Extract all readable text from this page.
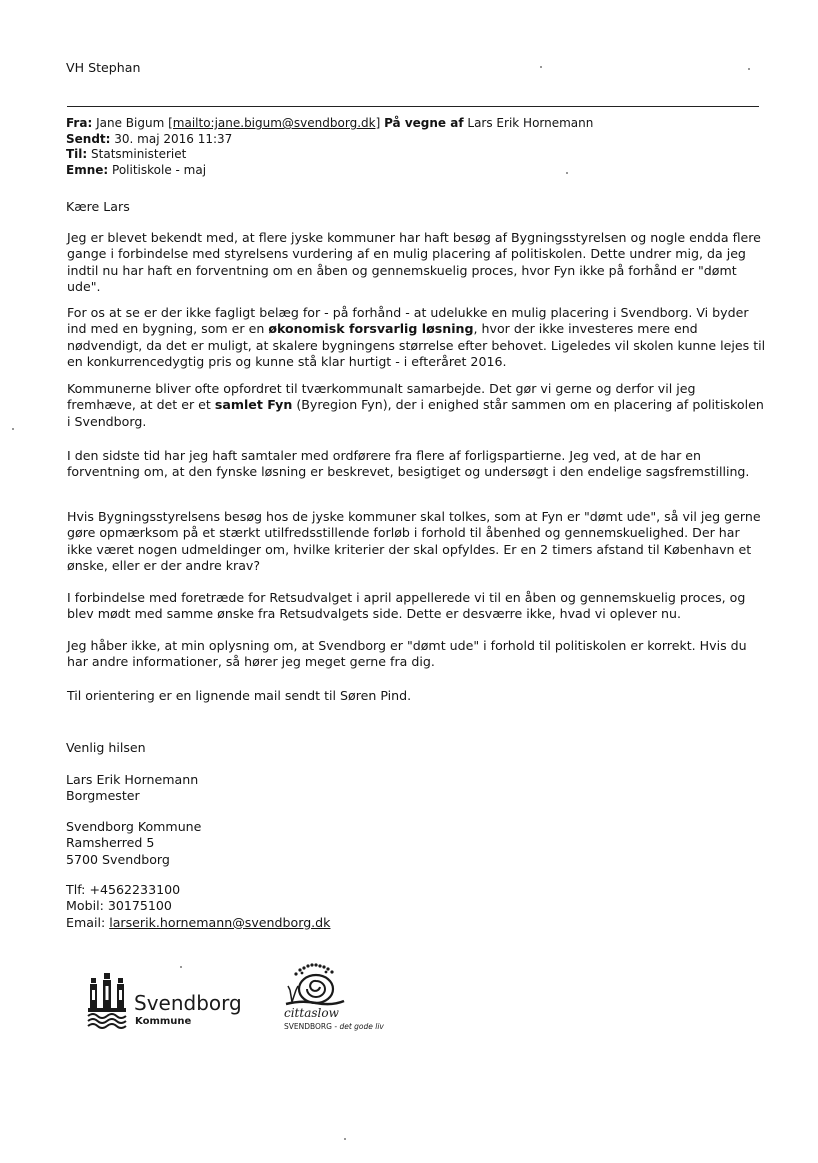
VH Stephan
Fra: Jane Bigum [mailto:jane.bigum@svendborg.dk] På vegne af Lars Erik Hornemann
Sendt: 30. maj 2016 11:37
Til: Statsministeriet
Emne: Politiskole - maj
Kære Lars
Jeg er blevet bekendt med, at flere jyske kommuner har haft besøg af Bygningsstyrelsen og nogle endda flere gange i forbindelse med styrelsens vurdering af en mulig placering af politiskolen. Dette undrer mig, da jeg indtil nu har haft en forventning om en åben og gennemskuelig proces, hvor Fyn ikke på forhånd er "dømt ude".
For os at se er der ikke fagligt belæg for - på forhånd - at udelukke en mulig placering i Svendborg. Vi byder ind med en bygning, som er en økonomisk forsvarlig løsning, hvor der ikke investeres mere end nødvendigt, da det er muligt, at skalere bygningens størrelse efter behovet. Ligeledes vil skolen kunne lejes til en konkurrencedygtig pris og kunne stå klar hurtigt - i efteråret 2016.
Kommunerne bliver ofte opfordret til tværkommunalt samarbejde. Det gør vi gerne og derfor vil jeg fremhæve, at det er et samlet Fyn (Byregion Fyn), der i enighed står sammen om en placering af politiskolen i Svendborg.
I den sidste tid har jeg haft samtaler med ordførere fra flere af forligspartierne. Jeg ved, at de har en forventning om, at den fynske løsning er beskrevet, besigtiget og undersøgt i den endelige sagsfremstilling.
Hvis Bygningsstyrelsens besøg hos de jyske kommuner skal tolkes, som at Fyn er "dømt ude", så vil jeg gerne gøre opmærksom på et stærkt utilfredsstillende forløb i forhold til åbenhed og gennemskuelighed. Der har ikke været nogen udmeldinger om, hvilke kriterier der skal opfyldes. Er en 2 timers afstand til København et ønske, eller er der andre krav?
I forbindelse med foretræde for Retsudvalget i april appellerede vi til en åben og gennemskuelig proces, og blev mødt med samme ønske fra Retsudvalgets side. Dette er desværre ikke, hvad vi oplever nu.
Jeg håber ikke, at min oplysning om, at Svendborg er "dømt ude" i forhold til politiskolen er korrekt. Hvis du har andre informationer, så hører jeg meget gerne fra dig.
Til orientering er en lignende mail sendt til Søren Pind.
Venlig hilsen
Lars Erik Hornemann
Borgmester
Svendborg Kommune
Ramsherred 5
5700 Svendborg
Tlf: +4562233100
Mobil: 30175100
Email: larserik.hornemann@svendborg.dk
Svendborg
Kommune
cittaslow
SVENDBORG - det gode liv
